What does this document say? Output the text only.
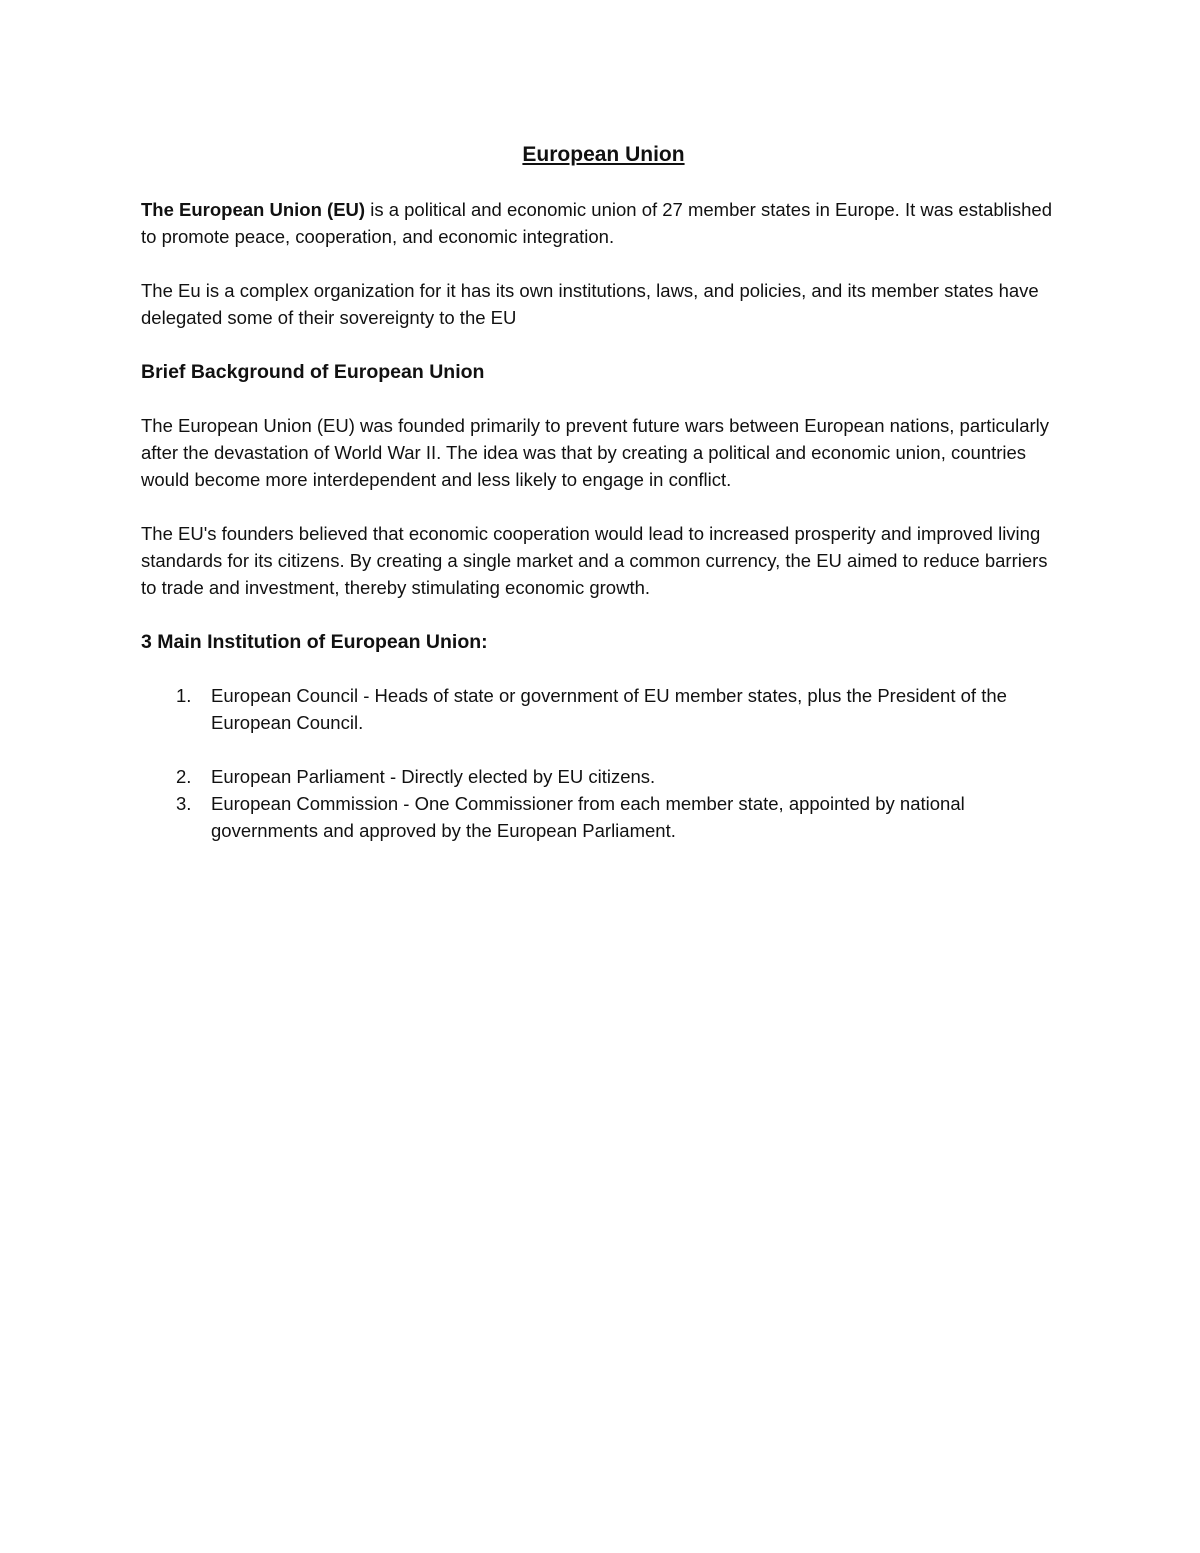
European Union

The European Union (EU) is a political and economic union of 27 member states in Europe. It was established to promote peace, cooperation, and economic integration.

The Eu is a complex organization for it has its own institutions, laws, and policies, and its member states have delegated some of their sovereignty to the EU

Brief Background of European Union

The European Union (EU) was founded primarily to prevent future wars between European nations, particularly after the devastation of World War II. The idea was that by creating a political and economic union, countries would become more interdependent and less likely to engage in conflict.

The EU's founders believed that economic cooperation would lead to increased prosperity and improved living standards for its citizens. By creating a single market and a common currency, the EU aimed to reduce barriers to trade and investment, thereby stimulating economic growth.

3 Main Institution of European Union:
1. European Council - Heads of state or government of EU member states, plus the President of the European Council.
2. European Parliament - Directly elected by EU citizens.
3. European Commission - One Commissioner from each member state, appointed by national governments and approved by the European Parliament.
